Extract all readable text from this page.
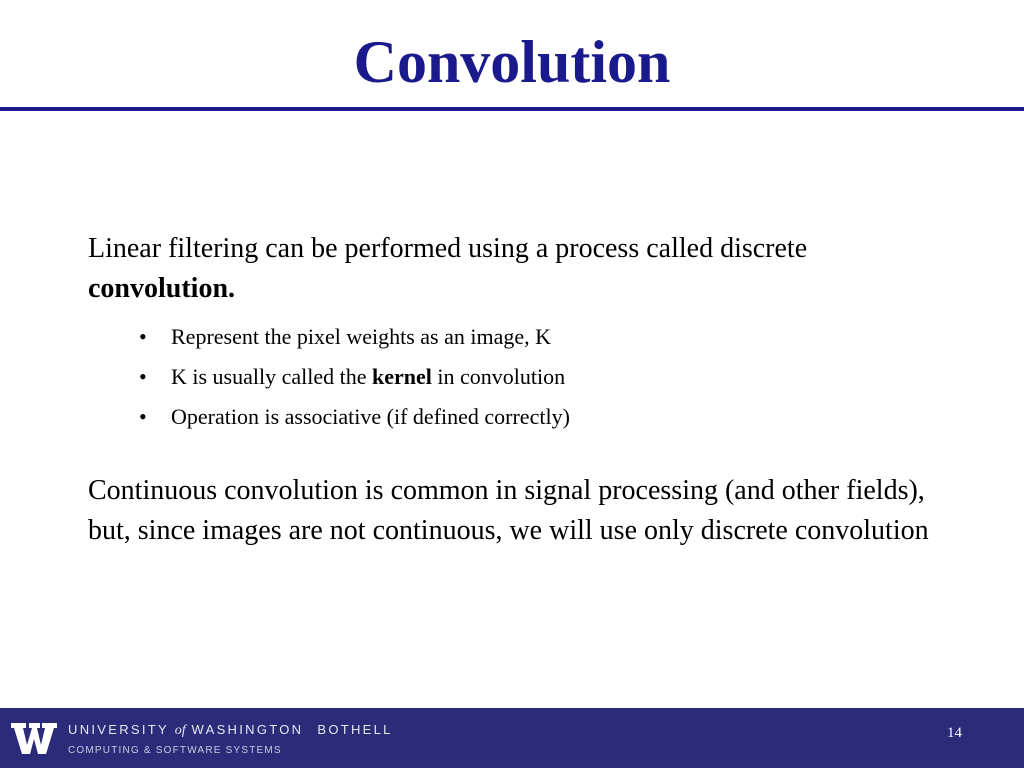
Convolution

Linear filtering can be performed using a process called discrete convolution.

• Represent the pixel weights as an image, K
• K is usually called the kernel in convolution
• Operation is associative (if defined correctly)

Continuous convolution is common in signal processing (and other fields), but, since images are not continuous, we will use only discrete convolution

UNIVERSITY of WASHINGTON BOTHELL
COMPUTING & SOFTWARE SYSTEMS
14
